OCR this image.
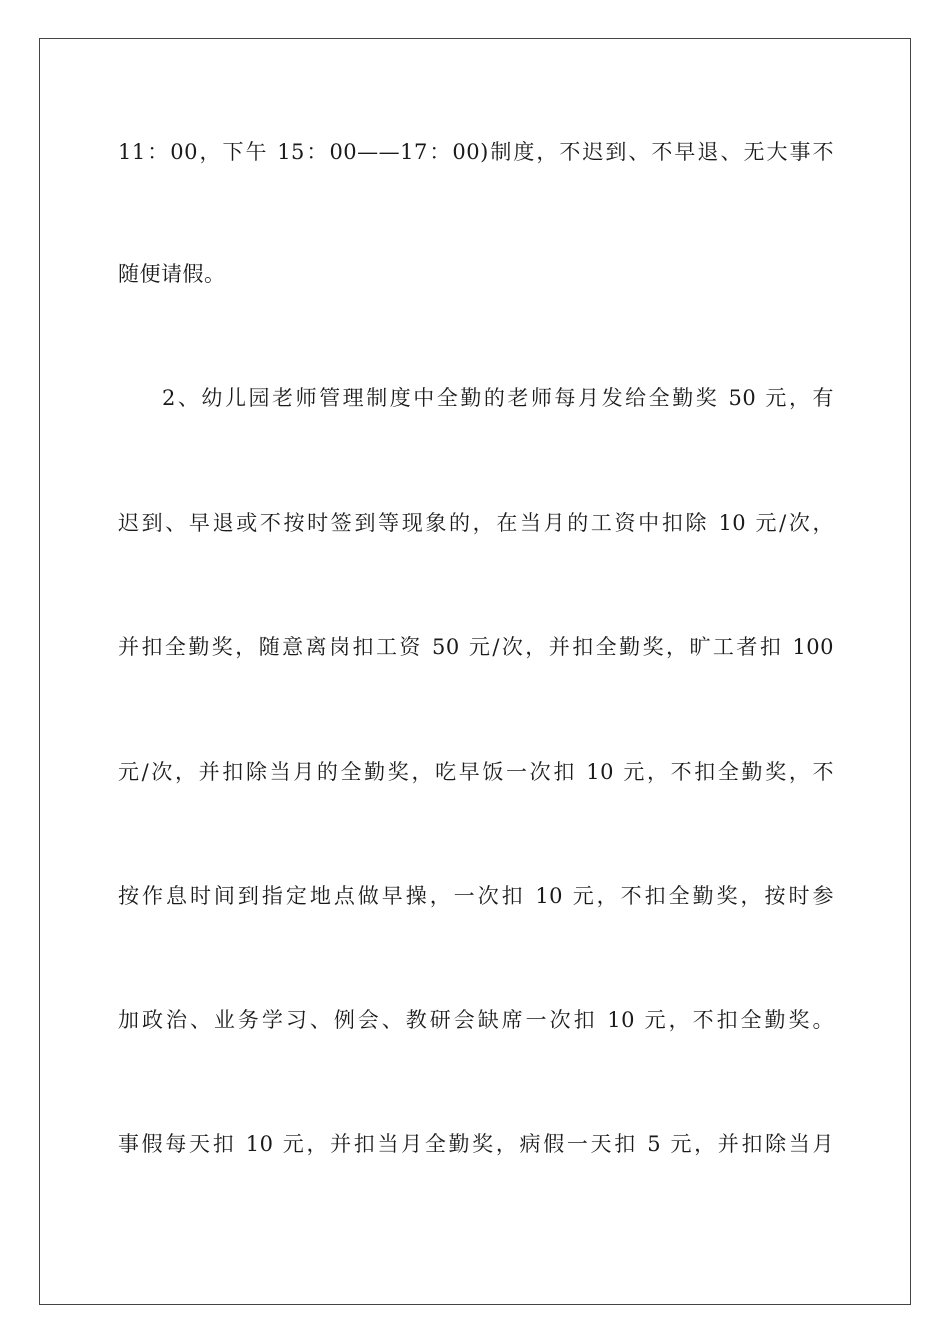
11：00，下午 15：00——17：00)制度，不迟到、不早退、无大事不
随便请假。
2、幼儿园老师管理制度中全勤的老师每月发给全勤奖 50 元，有
迟到、早退或不按时签到等现象的，在当月的工资中扣除 10 元/次，
并扣全勤奖，随意离岗扣工资 50 元/次，并扣全勤奖，旷工者扣 100
元/次，并扣除当月的全勤奖，吃早饭一次扣 10 元，不扣全勤奖，不
按作息时间到指定地点做早操，一次扣 10 元，不扣全勤奖，按时参
加政治、业务学习、例会、教研会缺席一次扣 10 元，不扣全勤奖。
事假每天扣 10 元，并扣当月全勤奖，病假一天扣 5 元，并扣除当月
